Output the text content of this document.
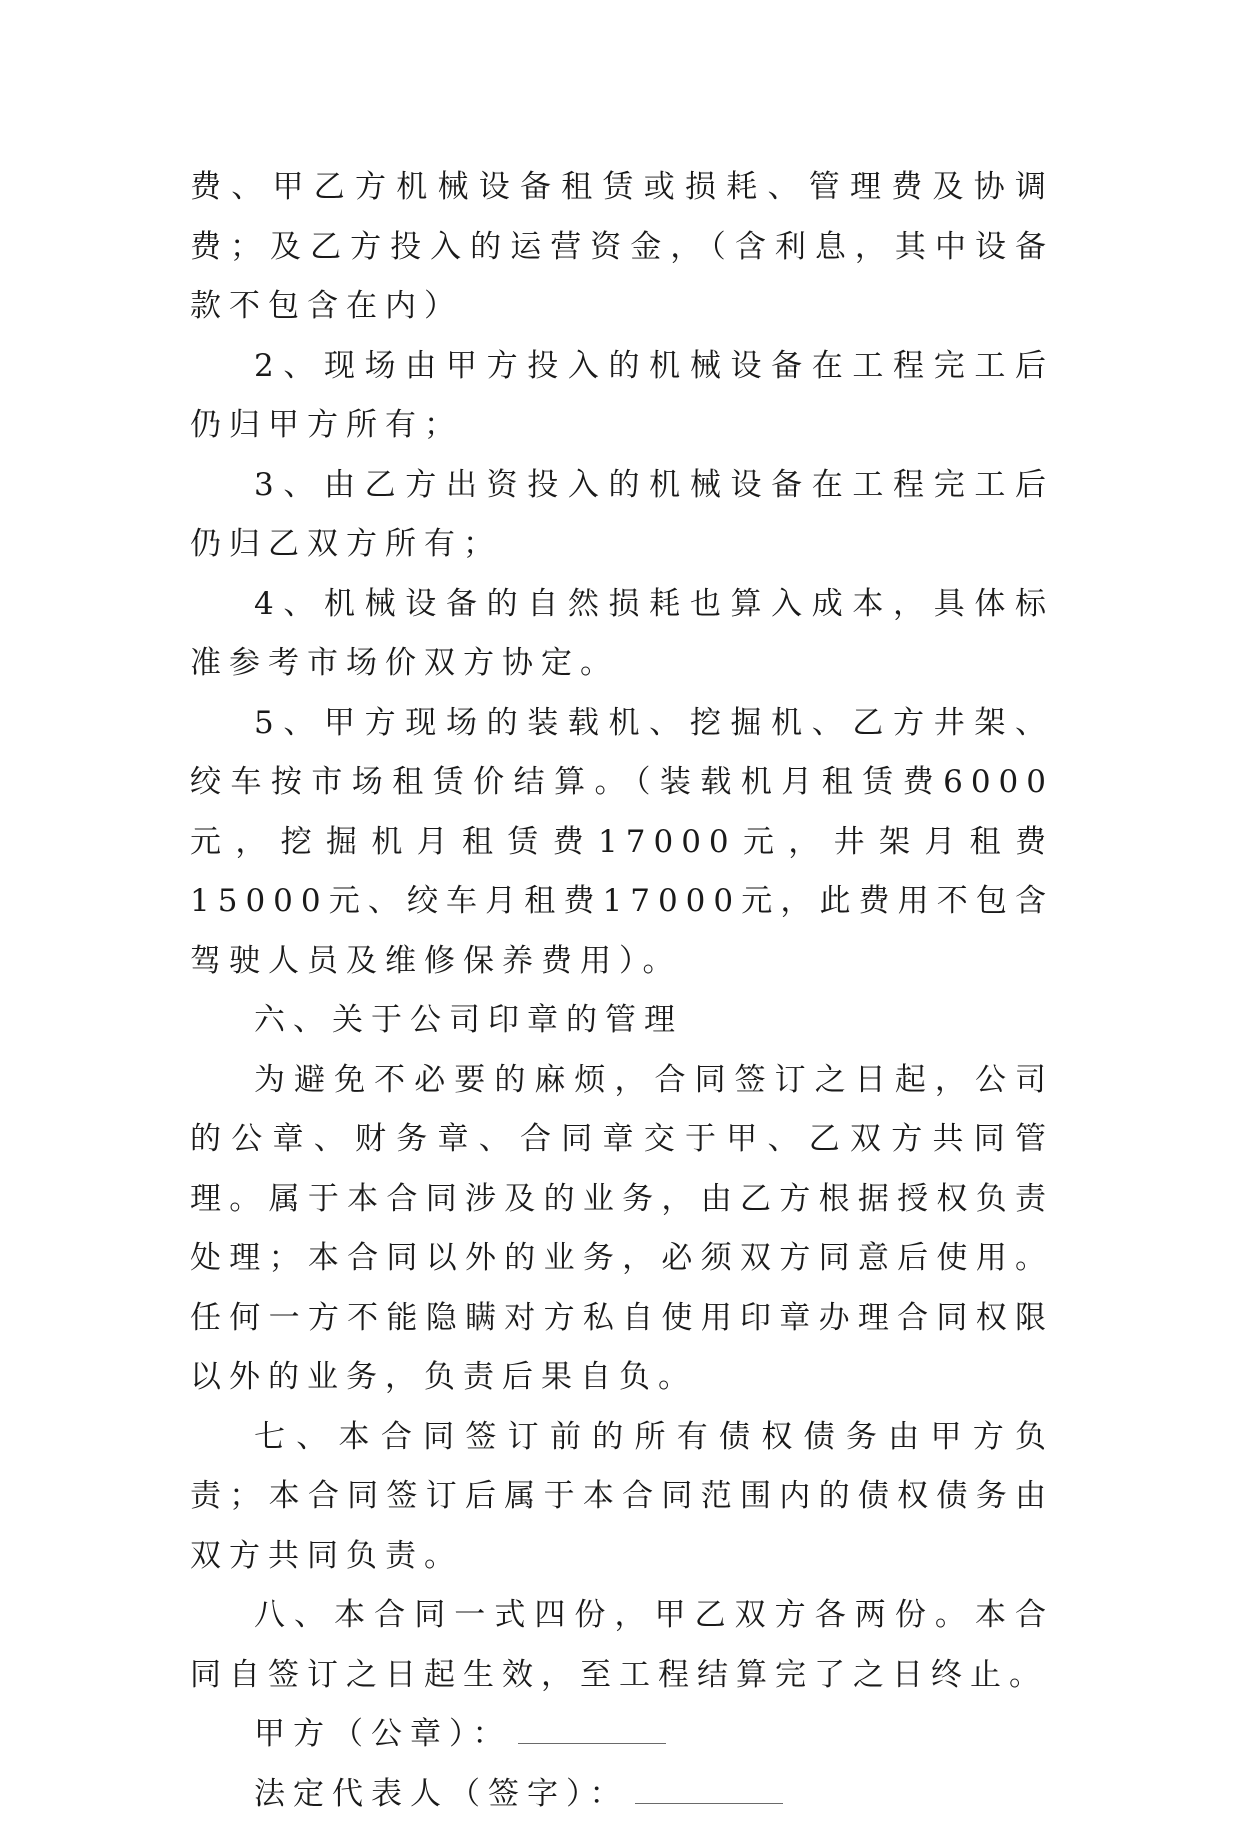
费、甲乙方机械设备租赁或损耗、管理费及协调费；及乙方投入的运营资金，（含利息，其中设备款不包含在内）

2、现场由甲方投入的机械设备在工程完工后仍归甲方所有；

3、由乙方出资投入的机械设备在工程完工后仍归乙双方所有；

4、机械设备的自然损耗也算入成本，具体标准参考市场价双方协定。

5、甲方现场的装载机、挖掘机、乙方井架、绞车按市场租赁价结算。（装载机月租赁费6000元，挖掘机月租赁费17000元，井架月租费15000元、绞车月租费17000元，此费用不包含驾驶人员及维修保养费用）。

六、关于公司印章的管理

为避免不必要的麻烦，合同签订之日起，公司的公章、财务章、合同章交于甲、乙双方共同管理。属于本合同涉及的业务，由乙方根据授权负责处理；本合同以外的业务，必须双方同意后使用。任何一方不能隐瞒对方私自使用印章办理合同权限以外的业务，负责后果自负。

七、本合同签订前的所有债权债务由甲方负责；本合同签订后属于本合同范围内的债权债务由双方共同负责。

八、本合同一式四份，甲乙双方各两份。本合同自签订之日起生效，至工程结算完了之日终止。

甲方（公章）：

法定代表人（签字）：
